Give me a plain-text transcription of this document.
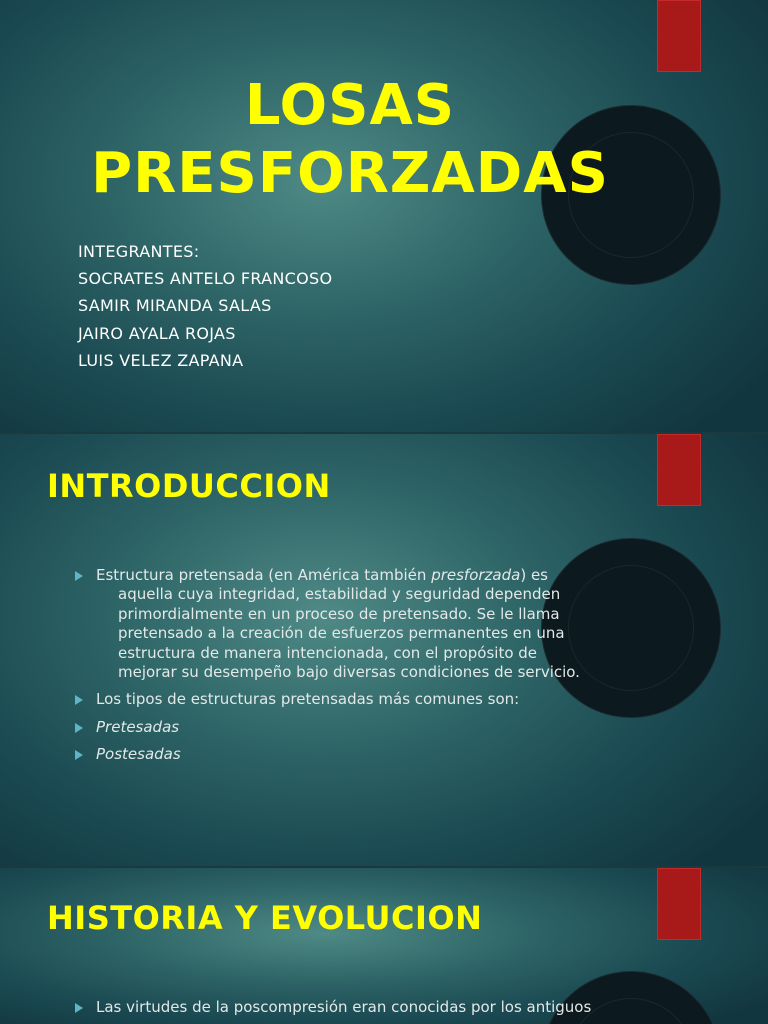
LOSAS
PRESFORZADAS
INTEGRANTES:
SOCRATES ANTELO FRANCOSO
SAMIR MIRANDA SALAS
JAIRO AYALA ROJAS
LUIS VELEZ ZAPANA
INTRODUCCION
Estructura pretensada (en América también presforzada) es
aquella cuya integridad, estabilidad y seguridad dependen
primordialmente en un proceso de pretensado. Se le llama
pretensado a la creación de esfuerzos permanentes en una
estructura de manera intencionada, con el propósito de
mejorar su desempeño bajo diversas condiciones de servicio.
Los tipos de estructuras pretensadas más comunes son:
Pretesadas
Postesadas
HISTORIA Y EVOLUCION
Las virtudes de la poscompresión eran conocidas por los antiguos
